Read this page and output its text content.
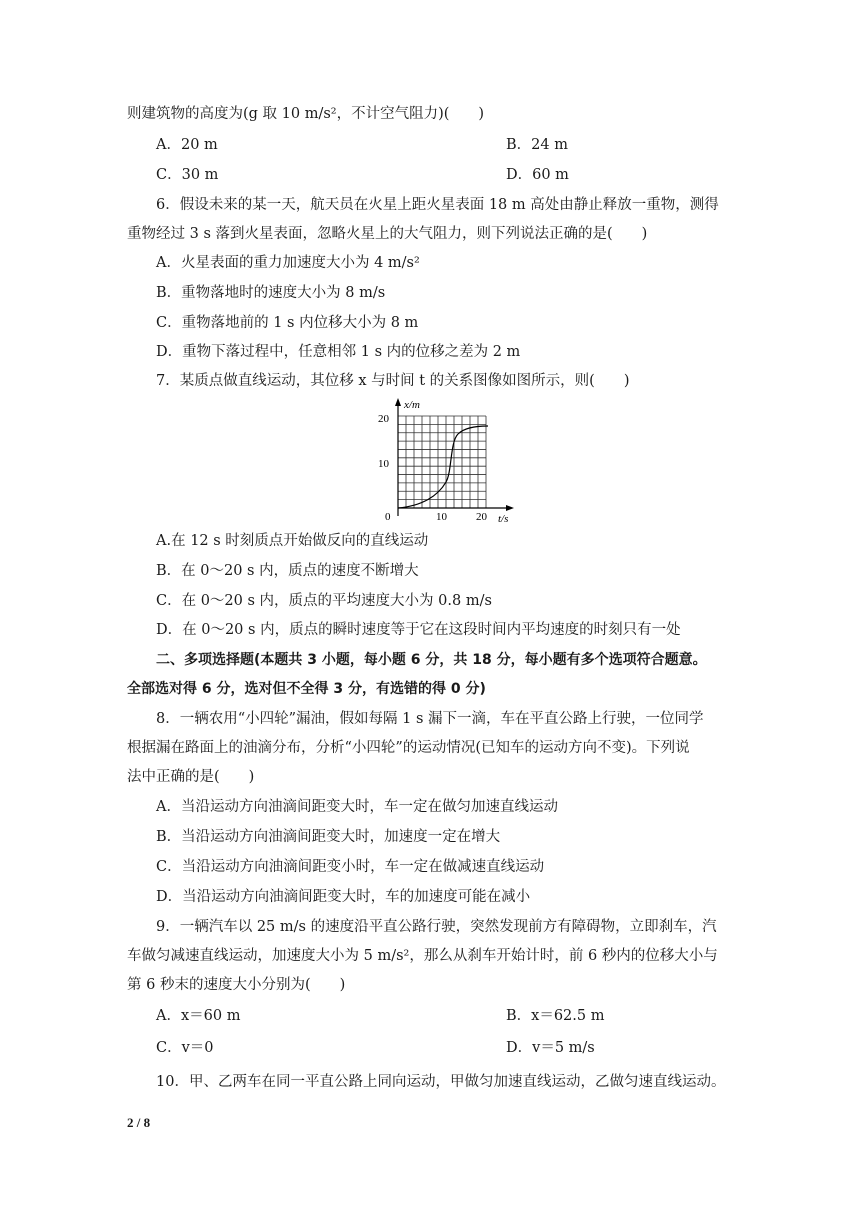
则建筑物的高度为(g 取 10 m/s²，不计空气阻力)(　　)
A．20 m	B．24 m
C．30 m	D．60 m
6．假设未来的某一天，航天员在火星上距火星表面 18 m 高处由静止释放一重物，测得
重物经过 3 s 落到火星表面，忽略火星上的大气阻力，则下列说法正确的是(　　)
A．火星表面的重力加速度大小为 4 m/s²
B．重物落地时的速度大小为 8 m/s
C．重物落地前的 1 s 内位移大小为 8 m
D．重物下落过程中，任意相邻 1 s 内的位移之差为 2 m
7．某质点做直线运动，其位移 x 与时间 t 的关系图像如图所示，则(　　)
x/m
20
10
0	10	20 t/s
A.在 12 s 时刻质点开始做反向的直线运动
B．在 0～20 s 内，质点的速度不断增大
C．在 0～20 s 内，质点的平均速度大小为 0.8 m/s
D．在 0～20 s 内，质点的瞬时速度等于它在这段时间内平均速度的时刻只有一处
二、多项选择题(本题共 3 小题，每小题 6 分，共 18 分，每小题有多个选项符合题意。
全部选对得 6 分，选对但不全得 3 分，有选错的得 0 分)
8．一辆农用“小四轮”漏油，假如每隔 1 s 漏下一滴，车在平直公路上行驶，一位同学
根据漏在路面上的油滴分布，分析“小四轮”的运动情况(已知车的运动方向不变)。下列说
法中正确的是(　　)
A．当沿运动方向油滴间距变大时，车一定在做匀加速直线运动
B．当沿运动方向油滴间距变大时，加速度一定在增大
C．当沿运动方向油滴间距变小时，车一定在做减速直线运动
D．当沿运动方向油滴间距变大时，车的加速度可能在减小
9．一辆汽车以 25 m/s 的速度沿平直公路行驶，突然发现前方有障碍物，立即刹车，汽
车做匀减速直线运动，加速度大小为 5 m/s²，那么从刹车开始计时，前 6 秒内的位移大小与
第 6 秒末的速度大小分别为(　　)
A．x＝60 m	B．x＝62.5 m
C．v＝0	D．v＝5 m/s
10．甲、乙两车在同一平直公路上同向运动，甲做匀加速直线运动，乙做匀速直线运动。
2 / 8
